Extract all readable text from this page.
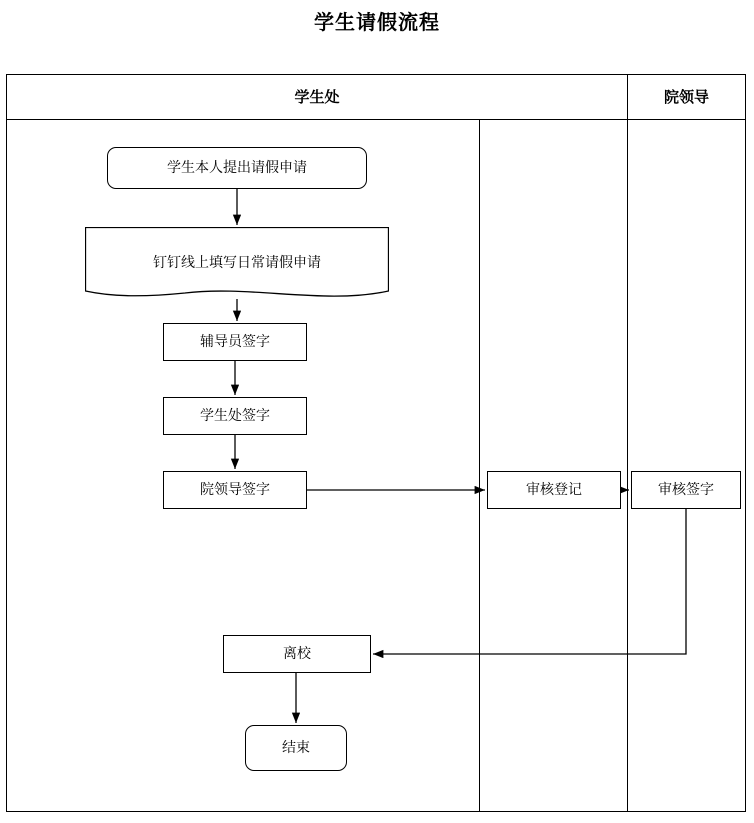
学生请假流程
学生处	院领导
学生本人提出请假申请
钉钉线上填写日常请假申请
辅导员签字
学生处签字
院领导签字	审核登记	审核签字
离校
结束
